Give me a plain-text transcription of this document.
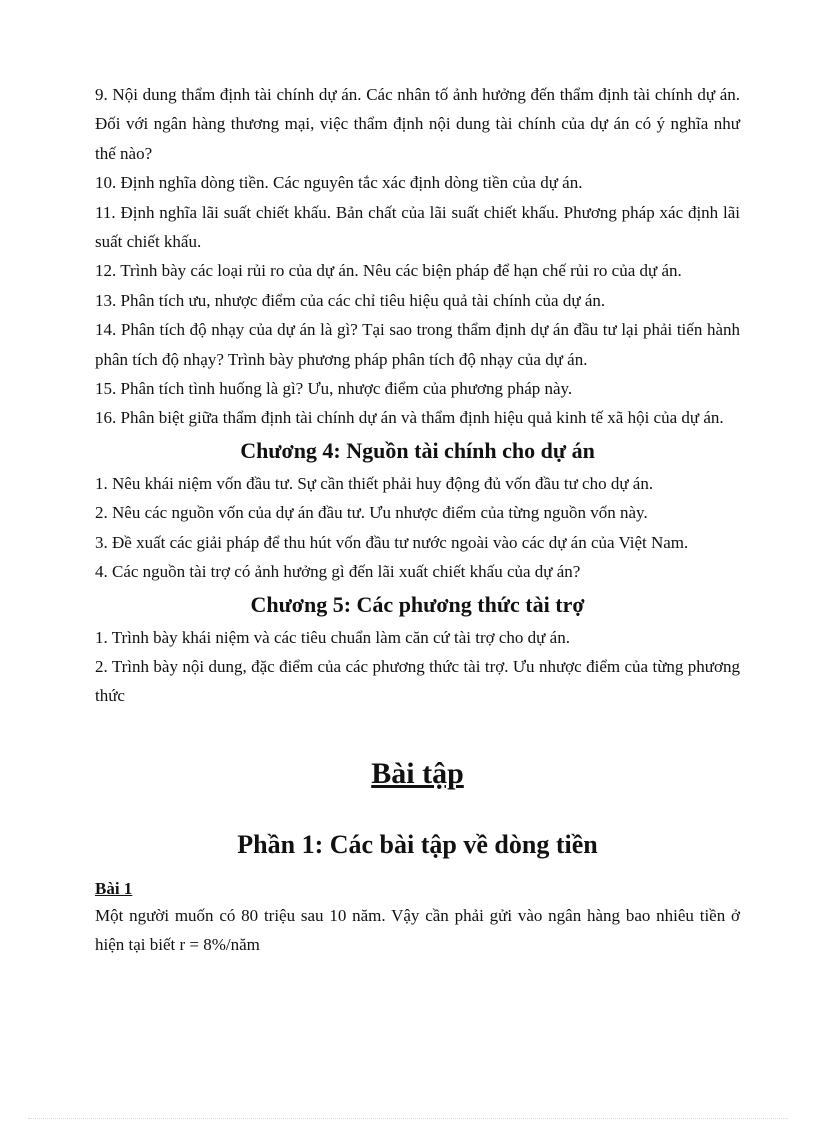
9. Nội dung thẩm định tài chính dự án. Các nhân tố ảnh hưởng đến thẩm định tài chính dự án. Đối với ngân hàng thương mại, việc thẩm định nội dung tài chính của dự án có ý nghĩa như thế nào?

10. Định nghĩa dòng tiền. Các nguyên tắc xác định dòng tiền của dự án.

11. Định nghĩa lãi suất chiết khấu. Bản chất của lãi suất chiết khấu. Phương pháp xác định lãi suất chiết khấu.

12. Trình bày các loại rủi ro của dự án. Nêu các biện pháp để hạn chế rủi ro của dự án.

13. Phân tích ưu, nhược điểm của các chỉ tiêu hiệu quả tài chính của dự án.

14. Phân tích độ nhạy của dự án là gì? Tại sao trong thẩm định dự án đầu tư lại phải tiến hành phân tích độ nhạy? Trình bày phương pháp phân tích độ nhạy của dự án.

15. Phân tích tình huống là gì? Ưu, nhược điểm của phương pháp này.

16. Phân biệt giữa thẩm định tài chính dự án và thẩm định hiệu quả kinh tế xã hội của dự án.

Chương 4: Nguồn tài chính cho dự án

1. Nêu khái niệm vốn đầu tư. Sự cần thiết phải huy động đủ vốn đầu tư cho dự án.

2. Nêu các nguồn vốn của dự án đầu tư. Ưu nhược điểm của từng nguồn vốn này.

3. Đề xuất các giải pháp để thu hút vốn đầu tư nước ngoài vào các dự án của Việt Nam.

4. Các nguồn tài trợ có ảnh hưởng gì đến lãi xuất chiết khấu của dự án?

Chương 5: Các phương thức tài trợ

1. Trình bày khái niệm và các tiêu chuẩn làm căn cứ tài trợ cho dự án.

2. Trình bày nội dung, đặc điểm của các phương thức tài trợ. Ưu nhược điểm của từng phương thức

Bài tập
Phần 1: Các bài tập về dòng tiền
Bài 1

Một người muốn có 80 triệu sau 10 năm. Vậy cần phải gửi vào ngân hàng bao nhiêu tiền ở hiện tại biết r = 8%/năm
